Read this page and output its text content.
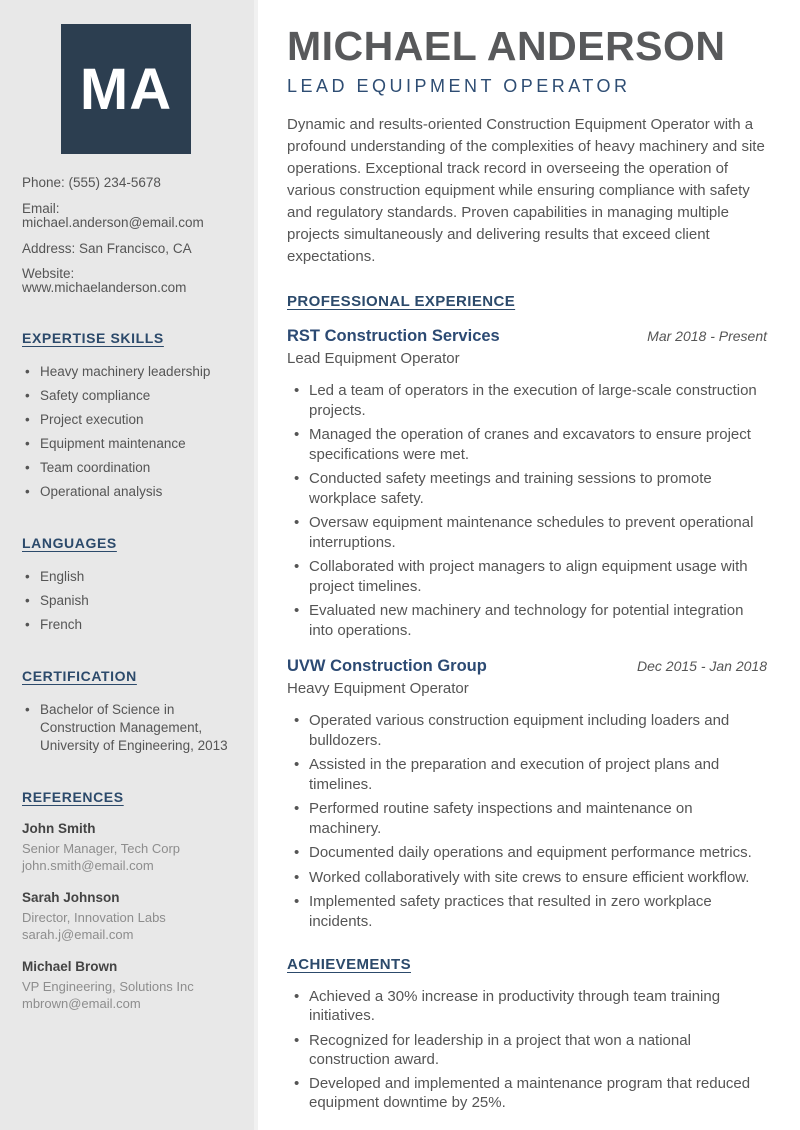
MA
Phone: (555) 234-5678
Email: michael.anderson@email.com
Address: San Francisco, CA
Website: www.michaelanderson.com
EXPERTISE SKILLS
• Heavy machinery leadership
• Safety compliance
• Project execution
• Equipment maintenance
• Team coordination
• Operational analysis
LANGUAGES
• English
• Spanish
• French
CERTIFICATION
• Bachelor of Science in Construction Management, University of Engineering, 2013
REFERENCES
John Smith
Senior Manager, Tech Corp
john.smith@email.com
Sarah Johnson
Director, Innovation Labs
sarah.j@email.com
Michael Brown
VP Engineering, Solutions Inc
mbrown@email.com
MICHAEL ANDERSON
LEAD EQUIPMENT OPERATOR

Dynamic and results-oriented Construction Equipment Operator with a profound understanding of the complexities of heavy machinery and site operations. Exceptional track record in overseeing the operation of various construction equipment while ensuring compliance with safety and regulatory standards. Proven capabilities in managing multiple projects simultaneously and delivering results that exceed client expectations.

PROFESSIONAL EXPERIENCE
RST Construction Services	Mar 2018 - Present
Lead Equipment Operator
• Led a team of operators in the execution of large-scale construction projects.
• Managed the operation of cranes and excavators to ensure project specifications were met.
• Conducted safety meetings and training sessions to promote workplace safety.
• Oversaw equipment maintenance schedules to prevent operational interruptions.
• Collaborated with project managers to align equipment usage with project timelines.
• Evaluated new machinery and technology for potential integration into operations.
UVW Construction Group	Dec 2015 - Jan 2018
Heavy Equipment Operator
• Operated various construction equipment including loaders and bulldozers.
• Assisted in the preparation and execution of project plans and timelines.
• Performed routine safety inspections and maintenance on machinery.
• Documented daily operations and equipment performance metrics.
• Worked collaboratively with site crews to ensure efficient workflow.
• Implemented safety practices that resulted in zero workplace incidents.
ACHIEVEMENTS
• Achieved a 30% increase in productivity through team training initiatives.
• Recognized for leadership in a project that won a national construction award.
• Developed and implemented a maintenance program that reduced equipment downtime by 25%.
